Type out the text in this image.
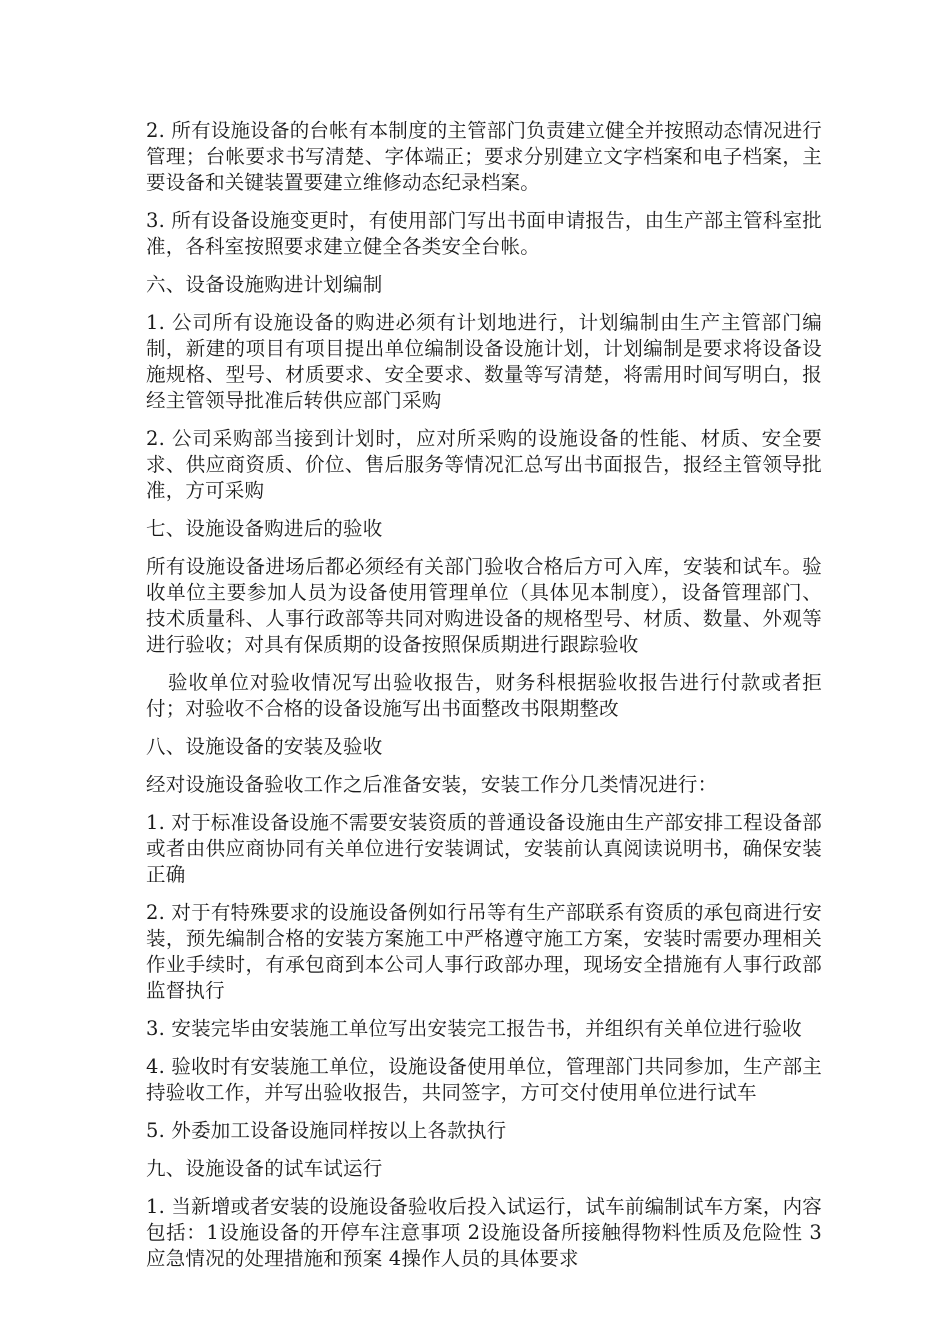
2. 所有设施设备的台帐有本制度的主管部门负责建立健全并按照动态情况进行管理；台帐要求书写清楚、字体端正；要求分别建立文字档案和电子档案，主要设备和关键装置要建立维修动态纪录档案。

3. 所有设备设施变更时，有使用部门写出书面申请报告，由生产部主管科室批准，各科室按照要求建立健全各类安全台帐。

六、设备设施购进计划编制

1. 公司所有设施设备的购进必须有计划地进行，计划编制由生产主管部门编制，新建的项目有项目提出单位编制设备设施计划，计划编制是要求将设备设施规格、型号、材质要求、安全要求、数量等写清楚，将需用时间写明白，报经主管领导批准后转供应部门采购

2. 公司采购部当接到计划时，应对所采购的设施设备的性能、材质、安全要求、供应商资质、价位、售后服务等情况汇总写出书面报告，报经主管领导批准，方可采购

七、设施设备购进后的验收

所有设施设备进场后都必须经有关部门验收合格后方可入库，安装和试车。验收单位主要参加人员为设备使用管理单位（具体见本制度），设备管理部门、技术质量科、人事行政部等共同对购进设备的规格型号、材质、数量、外观等进行验收；对具有保质期的设备按照保质期进行跟踪验收

验收单位对验收情况写出验收报告，财务科根据验收报告进行付款或者拒付；对验收不合格的设备设施写出书面整改书限期整改

八、设施设备的安装及验收

经对设施设备验收工作之后准备安装，安装工作分几类情况进行：

1. 对于标准设备设施不需要安装资质的普通设备设施由生产部安排工程设备部或者由供应商协同有关单位进行安装调试，安装前认真阅读说明书，确保安装正确

2. 对于有特殊要求的设施设备例如行吊等有生产部联系有资质的承包商进行安装，预先编制合格的安装方案施工中严格遵守施工方案，安装时需要办理相关作业手续时，有承包商到本公司人事行政部办理，现场安全措施有人事行政部监督执行

3. 安装完毕由安装施工单位写出安装完工报告书，并组织有关单位进行验收

4. 验收时有安装施工单位，设施设备使用单位，管理部门共同参加，生产部主持验收工作，并写出验收报告，共同签字，方可交付使用单位进行试车

5. 外委加工设备设施同样按以上各款执行

九、设施设备的试车试运行

1. 当新增或者安装的设施设备验收后投入试运行，试车前编制试车方案，内容包括：1设施设备的开停车注意事项 2设施设备所接触得物料性质及危险性 3应急情况的处理措施和预案 4操作人员的具体要求
